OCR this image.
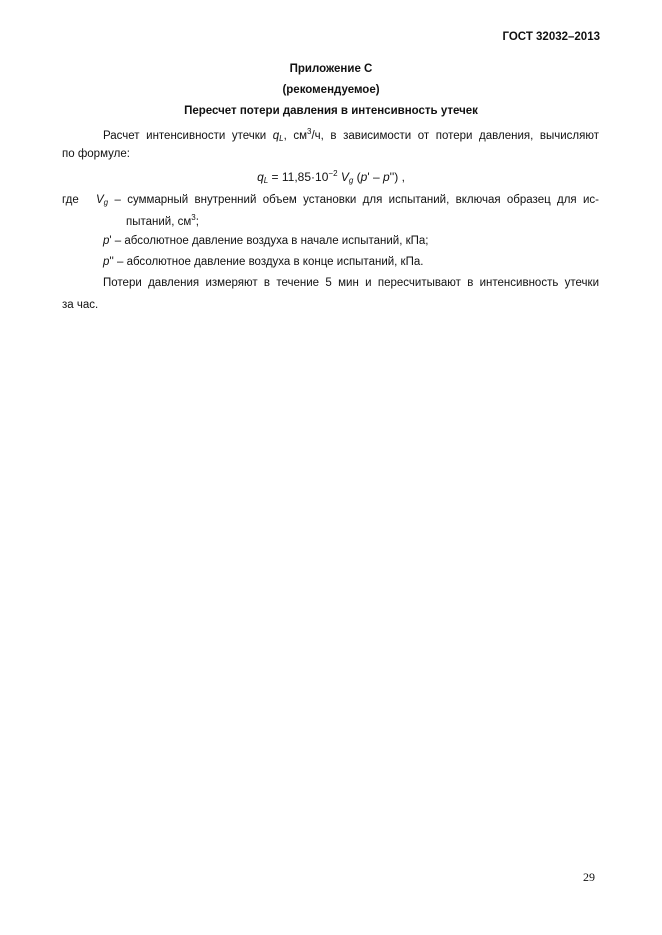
ГОСТ 32032–2013
Приложение С
(рекомендуемое)
Пересчет потери давления в интенсивность утечек
Расчет интенсивности утечки $q_L$, $см^3/ч$, в зависимости от потери давления, вычисляют
по формуле:
$q_L = 11,85\cdot 10^{-2}$ $V_g$ (p' – p'') ,
где $V_g$ – суммарный внутренний объем установки для испытаний, включая образец для ис-
пытаний, $см^3$;
p' – абсолютное давление воздуха в начале испытаний, кПа;
p'' – абсолютное давление воздуха в конце испытаний, кПа.
Потери давления измеряют в течение 5 мин и пересчитывают в интенсивность утечки
за час.
29
